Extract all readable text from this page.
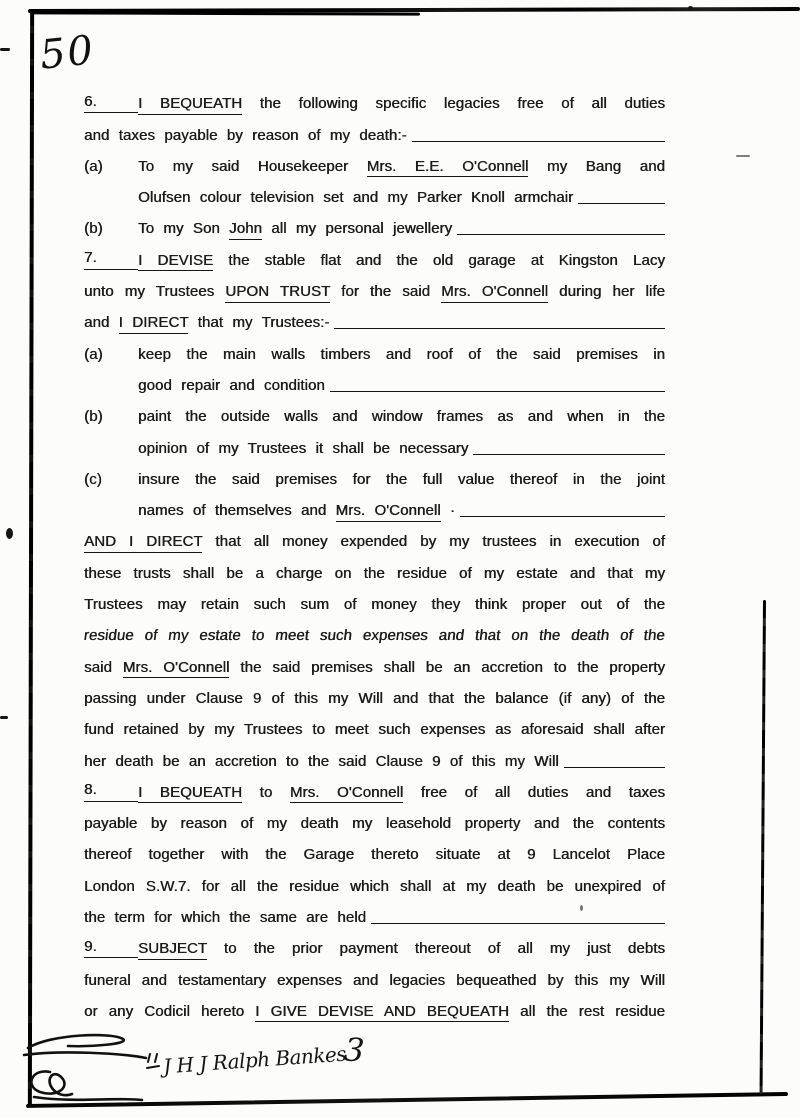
50
6.	I BEQUEATH the following specific legacies free of all duties
and taxes payable by reason of my death:-
(a)	To my said Housekeeper Mrs. E.E. O'Connell my Bang and
Olufsen colour television set and my Parker Knoll armchair
(b)	To my Son John all my personal jewellery
7.	I DEVISE the stable flat and the old garage at Kingston Lacy
unto my Trustees UPON TRUST for the said Mrs. O'Connell during her life
and I DIRECT that my Trustees:-
(a)	keep the main walls timbers and roof of the said premises in
good repair and condition
(b)	paint the outside walls and window frames as and when in the
opinion of my Trustees it shall be necessary
(c)	insure the said premises for the full value thereof in the joint
names of themselves and Mrs. O'Connell ·
AND I DIRECT that all money expended by my trustees in execution of
these trusts shall be a charge on the residue of my estate and that my
Trustees may retain such sum of money they think proper out of the
residue of my estate to meet such expenses and that on the death of the
said Mrs. O'Connell the said premises shall be an accretion to the property
passing under Clause 9 of this my Will and that the balance (if any) of the
fund retained by my Trustees to meet such expenses as aforesaid shall after
her death be an accretion to the said Clause 9 of this my Will
8.	I BEQUEATH to Mrs. O'Connell free of all duties and taxes
payable by reason of my death my leasehold property and the contents
thereof together with the Garage thereto situate at 9 Lancelot Place
London S.W.7. for all the residue which shall at my death be unexpired of
the term for which the same are held
9.	SUBJECT to the prior payment thereout of all my just debts
funeral and testamentary expenses and legacies bequeathed by this my Will
or any Codicil hereto I GIVE DEVISE AND BEQUEATH all the rest residue
J H J Ralph Bankes
3
